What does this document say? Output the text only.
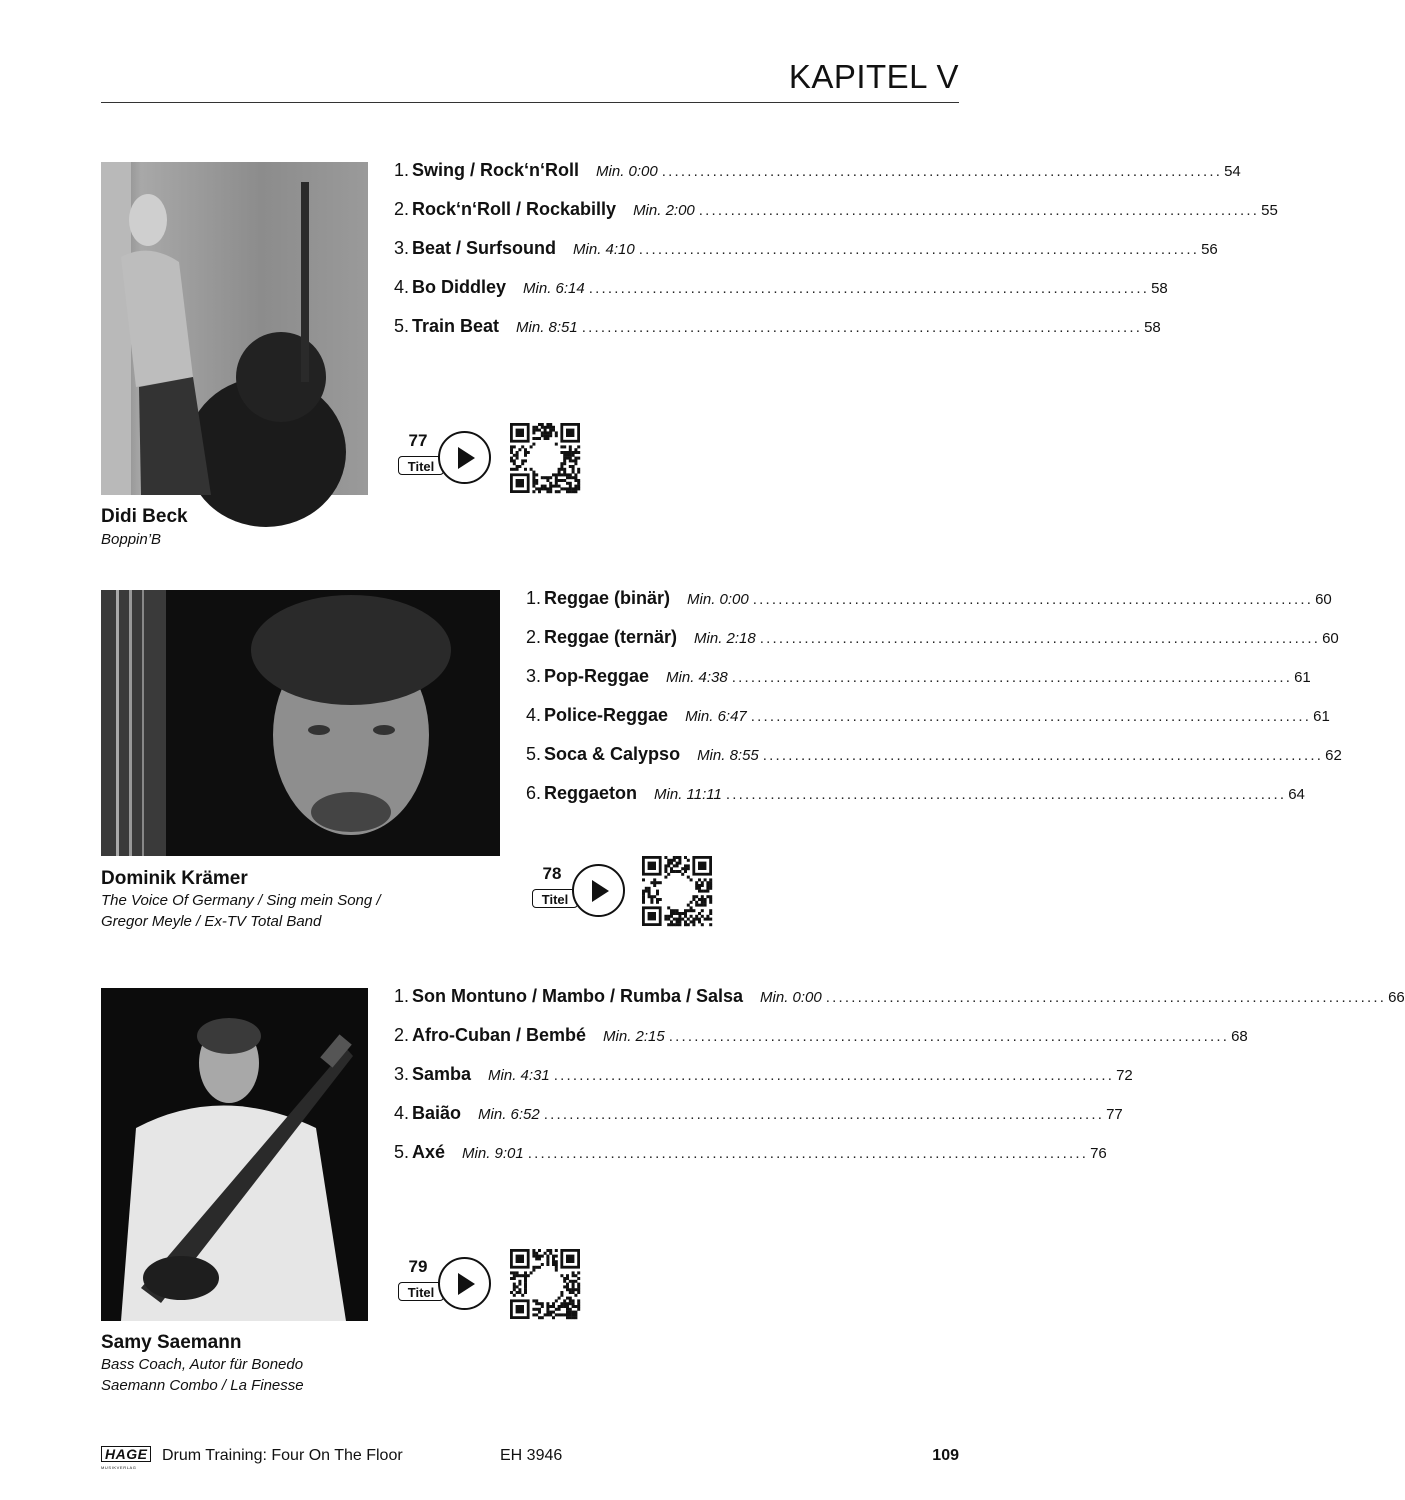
KAPITEL V
1. Swing / Rock‘n‘Roll Min. 0:00 ........................................................................................ 54
2. Rock‘n‘Roll / Rockabilly Min. 2:00 ........................................................................................ 55
3. Beat / Surfsound Min. 4:10 ........................................................................................ 56
4. Bo Diddley Min. 6:14 ........................................................................................ 58
5. Train Beat Min. 8:51 ........................................................................................ 58
77
Titel
Didi Beck
Boppin’B
1. Reggae (binär) Min. 0:00 ........................................................................................ 60
2. Reggae (ternär) Min. 2:18 ........................................................................................ 60
3. Pop-Reggae Min. 4:38 ........................................................................................ 61
4. Police-Reggae Min. 6:47 ........................................................................................ 61
5. Soca & Calypso Min. 8:55 ........................................................................................ 62
6. Reggaeton Min. 11:11 ........................................................................................ 64
78
Titel
Dominik Krämer
The Voice Of Germany / Sing mein Song /
Gregor Meyle / Ex-TV Total Band
1. Son Montuno / Mambo / Rumba / Salsa Min. 0:00 ........................................................................................ 66
2. Afro-Cuban / Bembé Min. 2:15 ........................................................................................ 68
3. Samba Min. 4:31 ........................................................................................ 72
4. Baião Min. 6:52 ........................................................................................ 77
5. Axé Min. 9:01 ........................................................................................ 76
79
Titel
Samy Saemann
Bass Coach, Autor für Bonedo
Saemann Combo / La Finesse
HAGE
MUSIKVERLAG
Drum Training: Four On The Floor	EH 3946	109
